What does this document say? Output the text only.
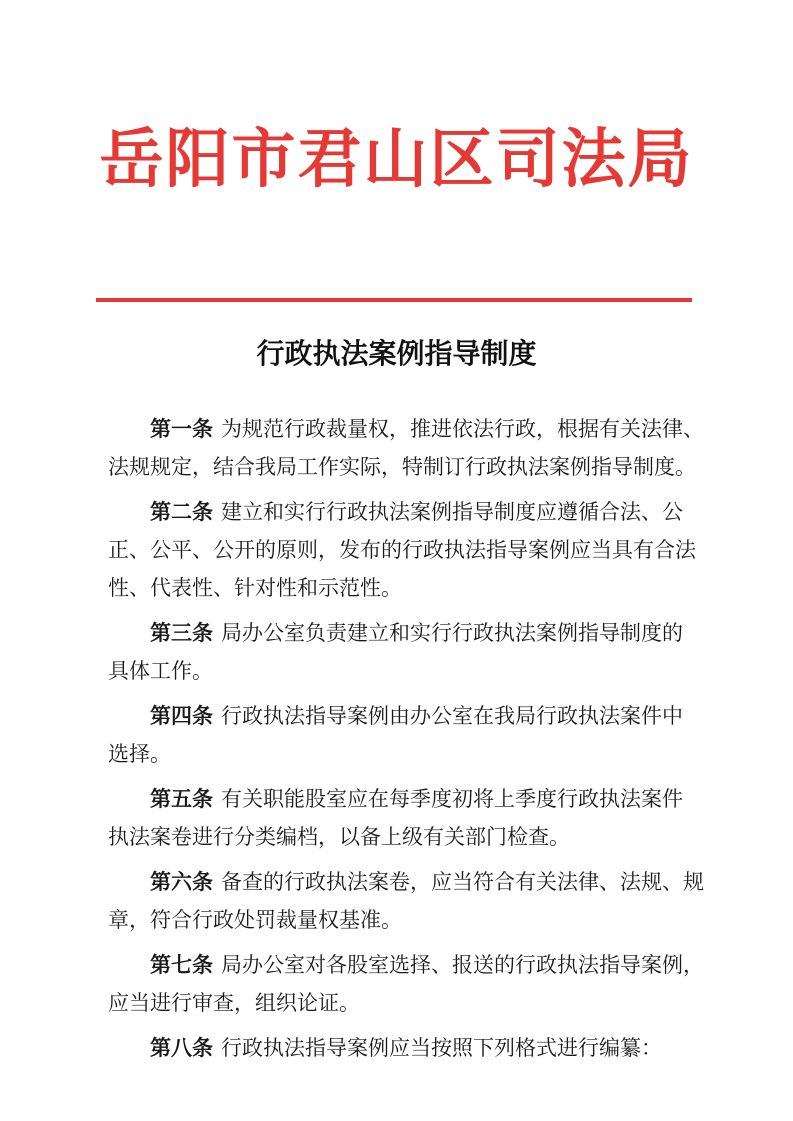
岳阳市君山区司法局
行政执法案例指导制度
第一条 为规范行政裁量权，推进依法行政，根据有关法律、
法规规定，结合我局工作实际，特制订行政执法案例指导制度。
第二条 建立和实行行政执法案例指导制度应遵循合法、公
正、公平、公开的原则，发布的行政执法指导案例应当具有合法
性、代表性、针对性和示范性。
第三条 局办公室负责建立和实行行政执法案例指导制度的
具体工作。
第四条 行政执法指导案例由办公室在我局行政执法案件中
选择。
第五条 有关职能股室应在每季度初将上季度行政执法案件
执法案卷进行分类编档，以备上级有关部门检查。
第六条 备查的行政执法案卷，应当符合有关法律、法规、规
章，符合行政处罚裁量权基准。
第七条 局办公室对各股室选择、报送的行政执法指导案例，
应当进行审查，组织论证。
第八条 行政执法指导案例应当按照下列格式进行编纂：
